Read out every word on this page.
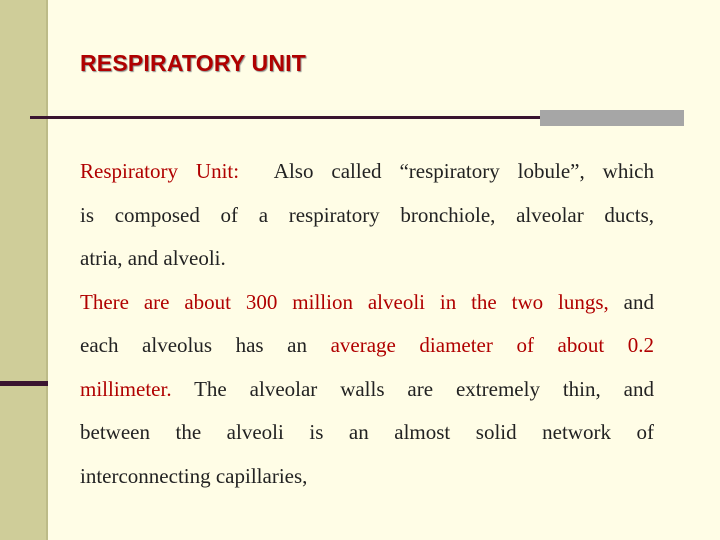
RESPIRATORY UNIT
Respiratory Unit: Also called “respiratory lobule”, which
is composed of a respiratory bronchiole, alveolar ducts,
atria, and alveoli.
There are about 300 million alveoli in the two lungs, and
each alveolus has an average diameter of about 0.2
millimeter. The alveolar walls are extremely thin, and
between the alveoli is an almost solid network of
interconnecting capillaries,
